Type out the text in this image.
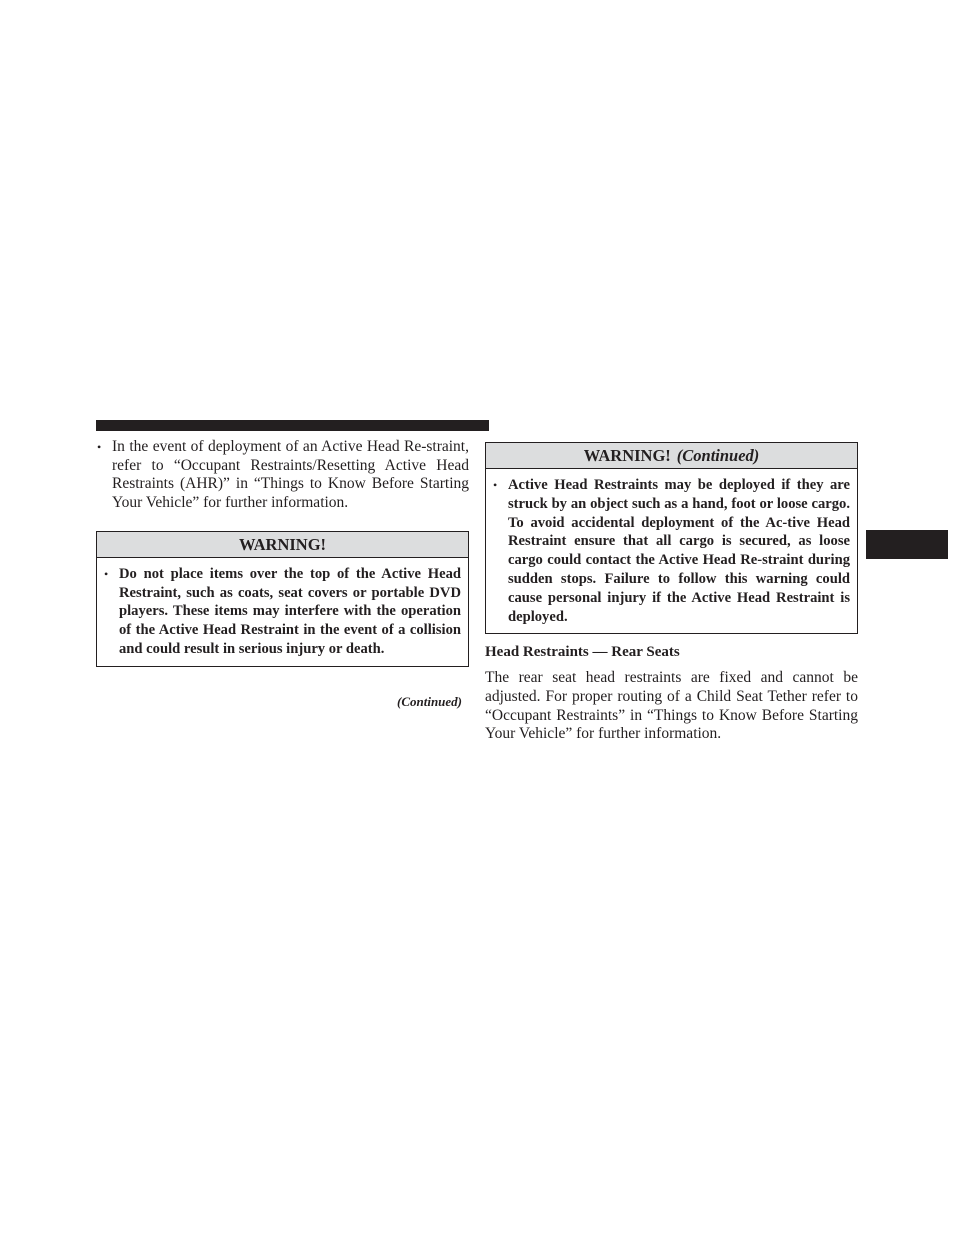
• In the event of deployment of an Active Head Re-straint, refer to “Occupant Restraints/Resetting Active Head Restraints (AHR)” in “Things to Know Before Starting Your Vehicle” for further information.
WARNING!
• Do not place items over the top of the Active Head Restraint, such as coats, seat covers or portable DVD players. These items may interfere with the operation of the Active Head Restraint in the event of a collision and could result in serious injury or death.
(Continued)
WARNING! (Continued)
• Active Head Restraints may be deployed if they are struck by an object such as a hand, foot or loose cargo. To avoid accidental deployment of the Ac-tive Head Restraint ensure that all cargo is secured, as loose cargo could contact the Active Head Re-straint during sudden stops. Failure to follow this warning could cause personal injury if the Active Head Restraint is deployed.

Head Restraints — Rear Seats

The rear seat head restraints are fixed and cannot be adjusted. For proper routing of a Child Seat Tether refer to “Occupant Restraints” in “Things to Know Before Starting Your Vehicle” for further information.
